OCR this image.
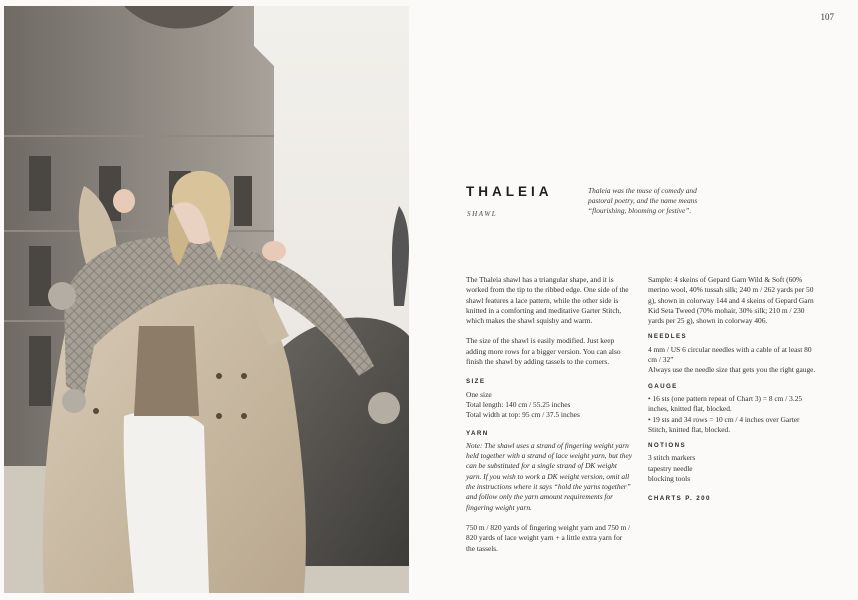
107
THALEIA
SHAWL
Thaleia was the muse of comedy and pastoral poetry, and the name means “flourishing, blooming or festive”.

The Thaleia shawl has a triangular shape, and it is worked from the tip to the ribbed edge. One side of the shawl features a lace pattern, while the other side is knitted in a comforting and meditative Garter Stitch, which makes the shawl squishy and warm.

The size of the shawl is easily modified. Just keep adding more rows for a bigger version. You can also finish the shawl by adding tassels to the corners.

SIZE
One size
Total length: 140 cm / 55.25 inches
Total width at top: 95 cm / 37.5 inches
YARN

Note: The shawl uses a strand of fingering weight yarn held together with a strand of lace weight yarn, but they can be substituted for a single strand of DK weight yarn. If you wish to work a DK weight version, omit all the instructions where it says “hold the yarns together” and follow only the yarn amount requirements for fingering weight yarn.

750 m / 820 yards of fingering weight yarn and 750 m / 820 yards of lace weight yarn + a little extra yarn for the tassels.

Sample: 4 skeins of Gepard Garn Wild & Soft (60% merino wool, 40% tussah silk; 240 m / 262 yards per 50 g), shown in colorway 144 and 4 skeins of Gepard Garn Kid Seta Tweed (70% mohair, 30% silk; 210 m / 230 yards per 25 g), shown in colorway 406.

NEEDLES
4 mm / US 6 circular needles with a cable of at least 80 cm / 32”
Always use the needle size that gets you the right gauge.
GAUGE
• 16 sts (one pattern repeat of Chart 3) = 8 cm / 3.25 inches, knitted flat, blocked.
• 19 sts and 34 rows = 10 cm / 4 inches over Garter Stitch, knitted flat, blocked.
NOTIONS
3 stitch markers
tapestry needle
blocking tools
CHARTS P. 200
